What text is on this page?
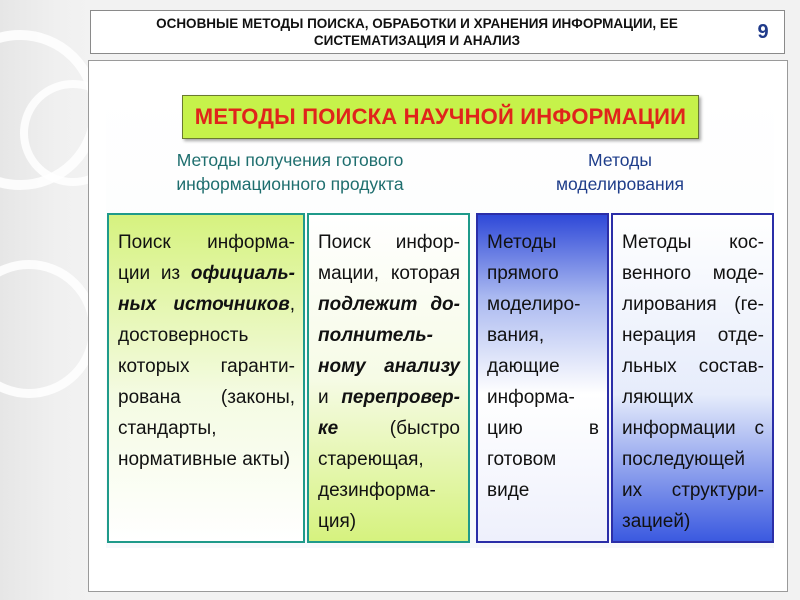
ОСНОВНЫЕ МЕТОДЫ ПОИСКА, ОБРАБОТКИ И ХРАНЕНИЯ ИНФОРМАЦИИ, ЕЕ
СИСТЕМАТИЗАЦИЯ И АНАЛИЗ	9
МЕТОДЫ ПОИСКА НАУЧНОЙ ИНФОРМАЦИИ
Методы получения готового
информационного продукта
Методы
моделирования
Поиск информа-ции из официаль-ных источников, достоверность которых гаранти-рована (законы, стандарты, нормативные акты)
Поиск инфор-мации, которая подлежит до-полнитель-ному анализу и перепровер-ке (быстро стареющая, дезинформа-ция)
Методы прямого моделиро-вания, дающие информа-цию в готовом виде
Методы кос-венного моде-лирования (ге-нерация отде-льных состав-ляющих информации с последующей их структури-зацией)
